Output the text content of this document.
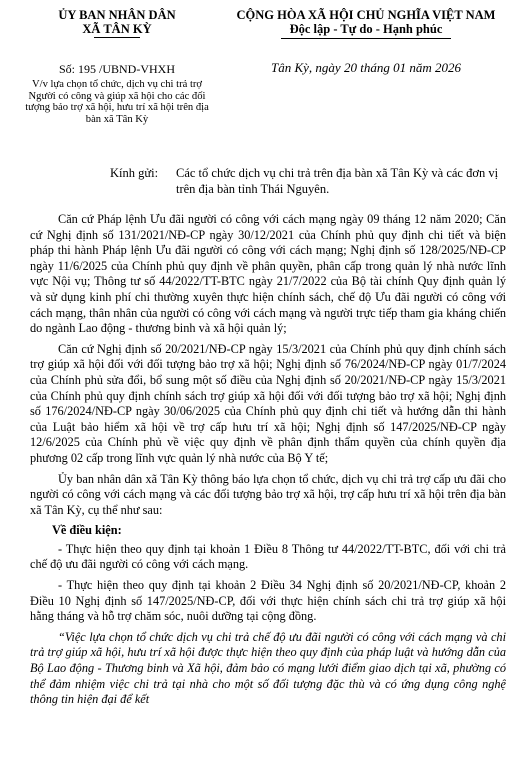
ỦY BAN NHÂN DÂN
XÃ TÂN KỲ
CỘNG HÒA XÃ HỘI CHỦ NGHĨA VIỆT NAM
Độc lập - Tự do - Hạnh phúc
Số: 195 /UBND-VHXH
V/v lựa chọn tổ chức, dịch vụ chi trả trợ Người có công và giúp xã hội cho các đối tượng bảo trợ xã hội, hưu trí xã hội trên địa bàn xã Tân Kỳ
Tân Kỳ, ngày 20 tháng 01 năm 2026
Kính gửi: Các tổ chức dịch vụ chi trả trên địa bàn xã Tân Kỳ và các đơn vị trên địa bàn tỉnh Thái Nguyên.

Căn cứ Pháp lệnh Ưu đãi người có công với cách mạng ngày 09 tháng 12 năm 2020; Căn cứ Nghị định số 131/2021/NĐ-CP ngày 30/12/2021 của Chính phủ quy định chi tiết và biện pháp thi hành Pháp lệnh Ưu đãi người có công với cách mạng; Nghị định số 128/2025/NĐ-CP ngày 11/6/2025 của Chính phủ quy định về phân quyền, phân cấp trong quản lý nhà nước lĩnh vực Nội vụ; Thông tư số 44/2022/TT-BTC ngày 21/7/2022 của Bộ tài chính Quy định quản lý và sử dụng kinh phí chi thường xuyên thực hiện chính sách, chế độ Ưu đãi người có công với cách mạng, thân nhân của người có công với cách mạng và người trực tiếp tham gia kháng chiến do ngành Lao động - thương binh và xã hội quản lý;

Căn cứ Nghị định số 20/2021/NĐ-CP ngày 15/3/2021 của Chính phủ quy định chính sách trợ giúp xã hội đối với đối tượng bảo trợ xã hội; Nghị định số 76/2024/NĐ-CP ngày 01/7/2024 của Chính phủ sửa đổi, bổ sung một số điều của Nghị định số 20/2021/NĐ-CP ngày 15/3/2021 của Chính phủ quy định chính sách trợ giúp xã hội đối với đối tượng bảo trợ xã hội; Nghị định số 176/2024/NĐ-CP ngày 30/06/2025 của Chính phủ quy định chi tiết và hướng dẫn thi hành của Luật bảo hiểm xã hội về trợ cấp hưu trí xã hội; Nghị định số 147/2025/NĐ-CP ngày 12/6/2025 của Chính phủ về việc quy định về phân định thẩm quyền của chính quyền địa phương 02 cấp trong lĩnh vực quản lý nhà nước của Bộ Y tế;

Ủy ban nhân dân xã Tân Kỳ thông báo lựa chọn tổ chức, dịch vụ chi trả trợ cấp ưu đãi cho người có công với cách mạng và các đối tượng bảo trợ xã hội, trợ cấp hưu trí xã hội trên địa bàn xã Tân Kỳ, cụ thể như sau:

Về điều kiện:

- Thực hiện theo quy định tại khoản 1 Điều 8 Thông tư 44/2022/TT-BTC, đối với chi trả chế độ ưu đãi người có công với cách mạng.

- Thực hiện theo quy định tại khoản 2 Điều 34 Nghị định số 20/2021/NĐ-CP, khoản 2 Điều 10 Nghị định số 147/2025/NĐ-CP, đối với thực hiện chính sách chi trả trợ giúp xã hội hằng tháng và hỗ trợ chăm sóc, nuôi dưỡng tại cộng đồng.

“Việc lựa chọn tổ chức dịch vụ chi trả chế độ ưu đãi người có công với cách mạng và chi trả trợ giúp xã hội, hưu trí xã hội được thực hiện theo quy định của pháp luật và hướng dẫn của Bộ Lao động - Thương binh và Xã hội, đảm bảo có mạng lưới điểm giao dịch tại xã, phường có thể đảm nhiệm việc chi trả tại nhà cho một số đối tượng đặc thù và có ứng dụng công nghệ thông tin hiện đại để kết
